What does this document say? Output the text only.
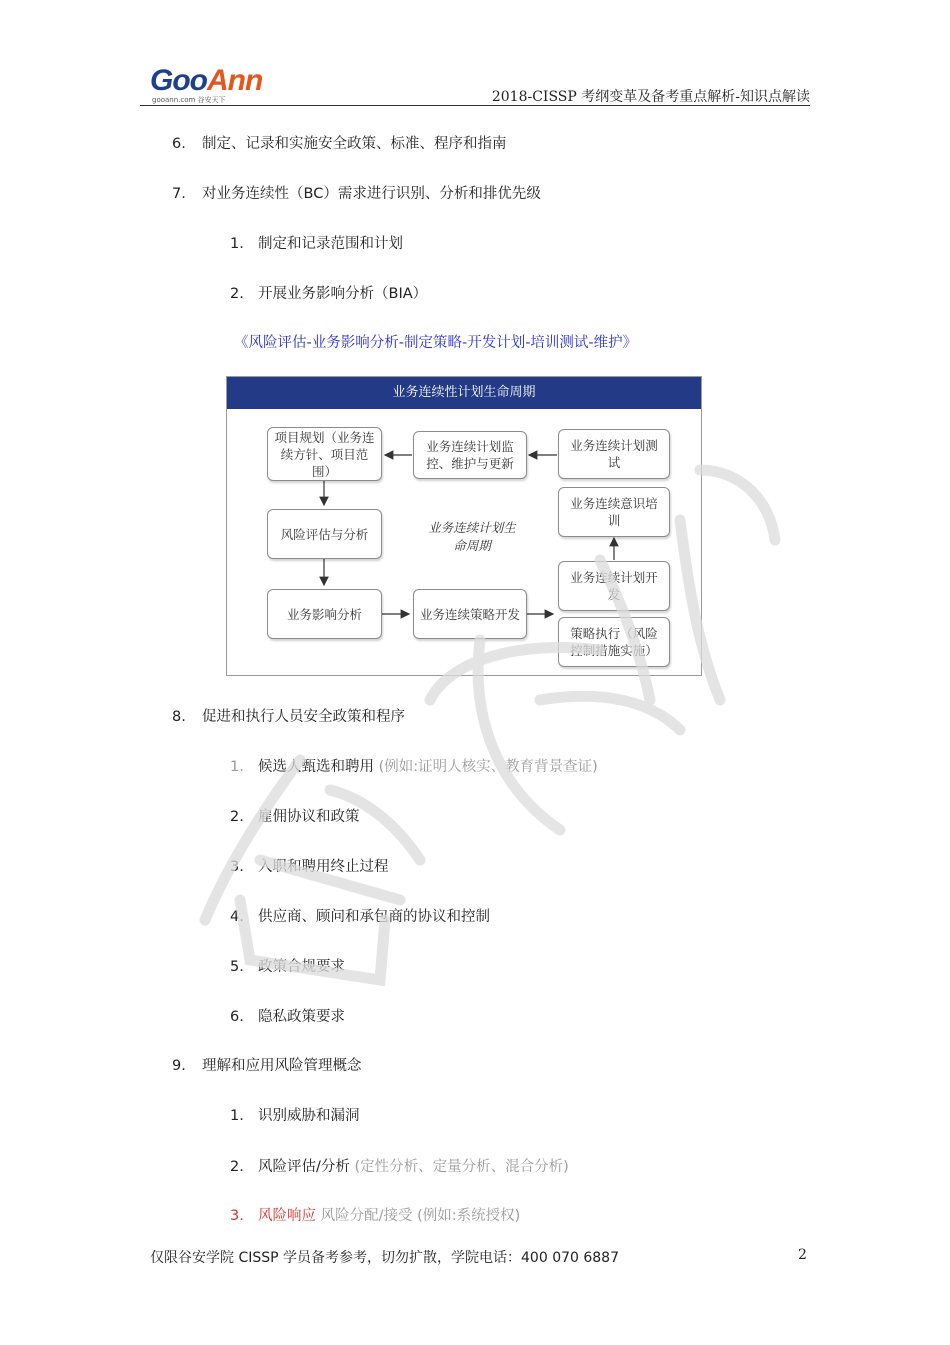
GooAnn
gooann.com 谷安天下	2018-CISSP 考纲变革及备考重点解析-知识点解读
6. 制定、记录和实施安全政策、标准、程序和指南
7. 对业务连续性（BC）需求进行识别、分析和排优先级
1. 制定和记录范围和计划
2. 开展业务影响分析（BIA）
《风险评估-业务影响分析-制定策略-开发计划-培训测试-维护》
业务连续性计划生命周期
项目规划（业务连续方针、项目范围）
业务连续计划监控、维护与更新
业务连续计划测试
风险评估与分析
业务连续意识培训
业务连续计划生命周期
业务影响分析	业务连续策略开发
业务连续计划开发
策略执行（风险控制措施实施）
8. 促进和执行人员安全政策和程序
1. 候选人甄选和聘用 (例如:证明人核实、教育背景查证)
2. 雇佣协议和政策
3. 入职和聘用终止过程
4. 供应商、顾问和承包商的协议和控制
5. 政策合规要求
6. 隐私政策要求
9. 理解和应用风险管理概念
1. 识别威胁和漏洞
2. 风险评估/分析 (定性分析、定量分析、混合分析)
3. 风险响应 风险分配/接受 (例如:系统授权)
仅限谷安学院 CISSP 学员备考参考，切勿扩散，学院电话：400 070 6887	2
